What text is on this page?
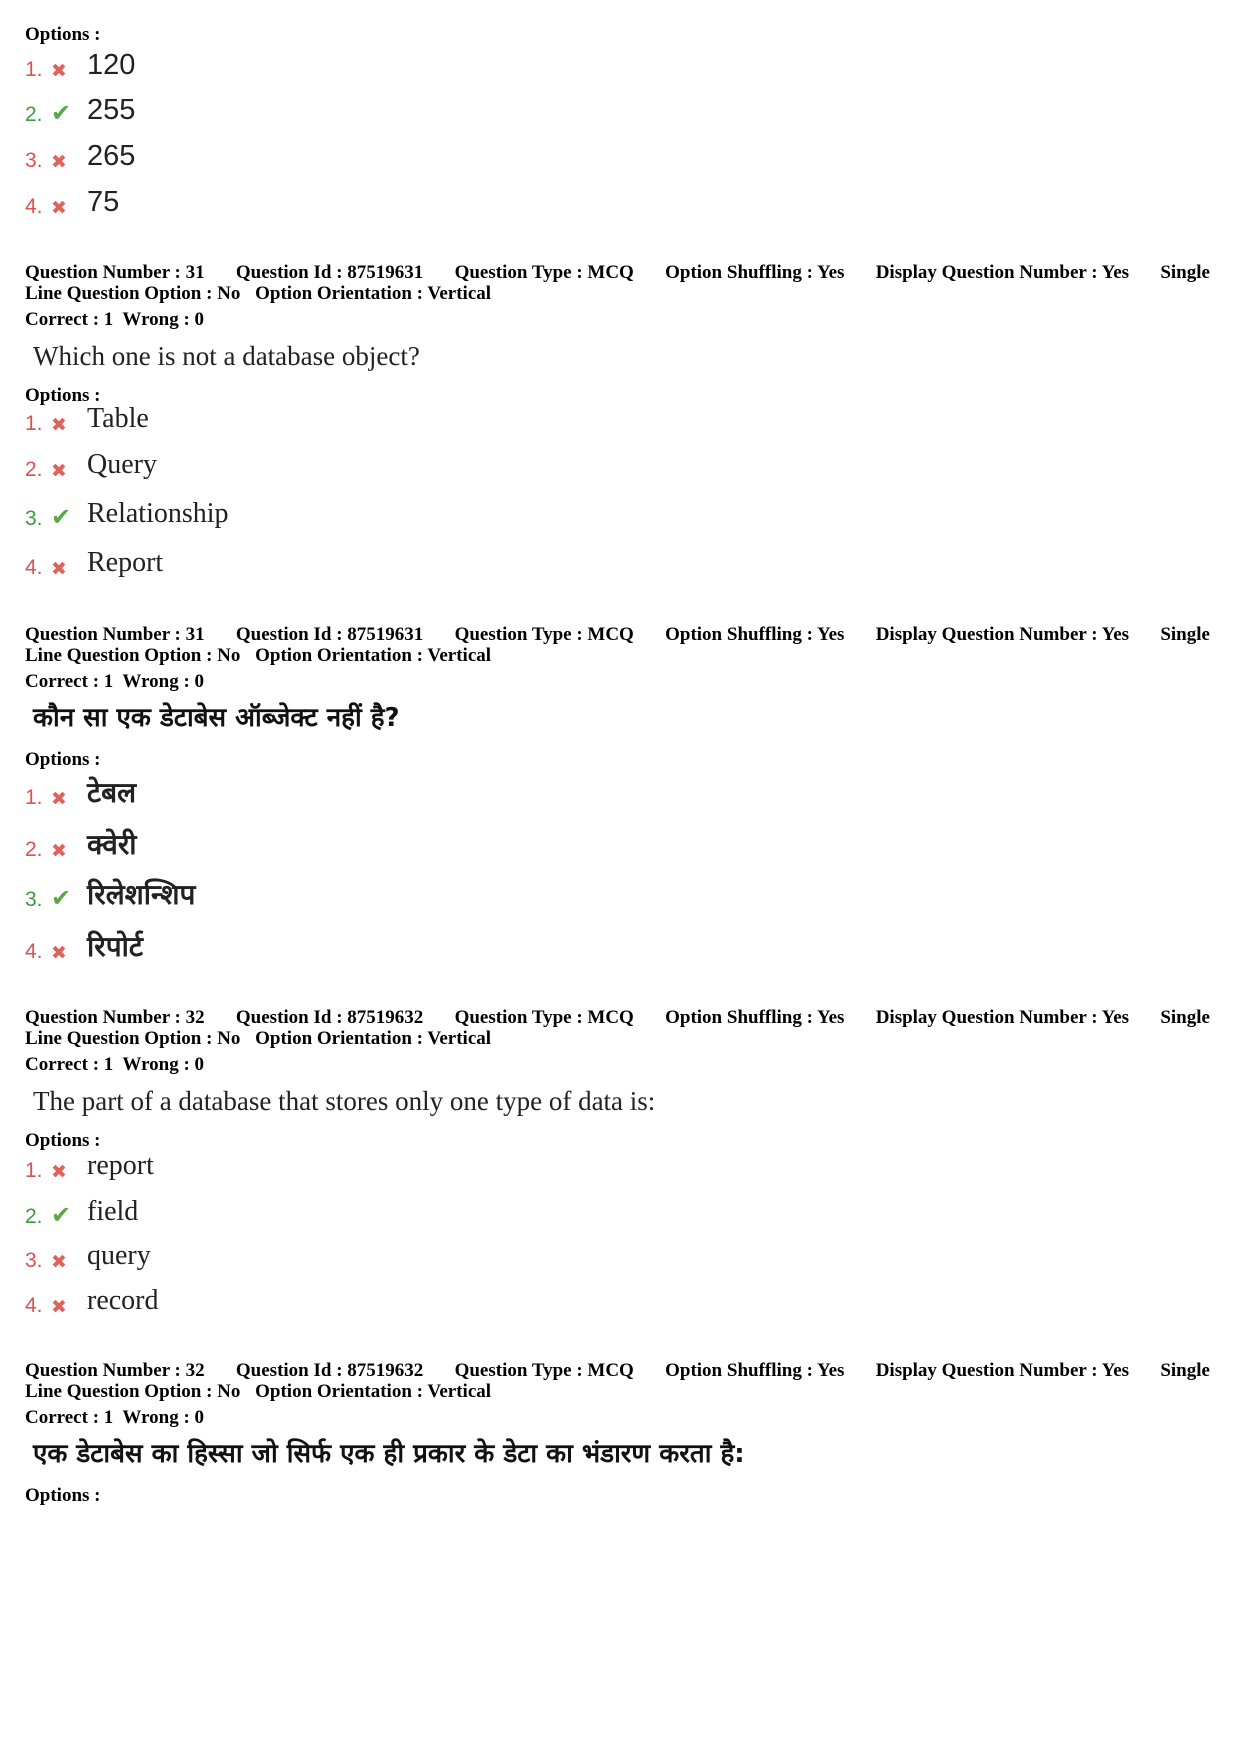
Options :
1. ✖ 120
2. ✔ 255
3. ✖ 265
4. ✖ 75
Question Number : 31 Question Id : 87519631 Question Type : MCQ Option Shuffling : Yes Display Question Number : Yes Single
Line Question Option : No Option Orientation : Vertical
Correct : 1  Wrong : 0
Which one is not a database object?
Options :
Question Number : 31 Question Id : 87519631 Question Type : MCQ Option Shuffling : Yes Display Question Number : Yes Single
Line Question Option : No Option Orientation : Vertical
Correct : 1  Wrong : 0
कौन सा एक डेटाबेस ऑब्जेक्ट नहीं है?
Options :
Question Number : 32 Question Id : 87519632 Question Type : MCQ Option Shuffling : Yes Display Question Number : Yes Single
Line Question Option : No Option Orientation : Vertical
Correct : 1  Wrong : 0
The part of a database that stores only one type of data is:
Options :
Question Number : 32 Question Id : 87519632 Question Type : MCQ Option Shuffling : Yes Display Question Number : Yes Single
Line Question Option : No Option Orientation : Vertical
Correct : 1  Wrong : 0
एक डेटाबेस का हिस्सा जो सिर्फ एक ही प्रकार के डेटा का भंडारण करता है:
Options :
1. ✖ Table
2. ✖ Query
3. ✔ Relationship
4. ✖ Report
1. ✖ टेबल
2. ✖ क्वेरी
3. ✔ रिलेशन्शिप
4. ✖ रिपोर्ट
1. ✖ report
2. ✔ field
3. ✖ query
4. ✖ record
